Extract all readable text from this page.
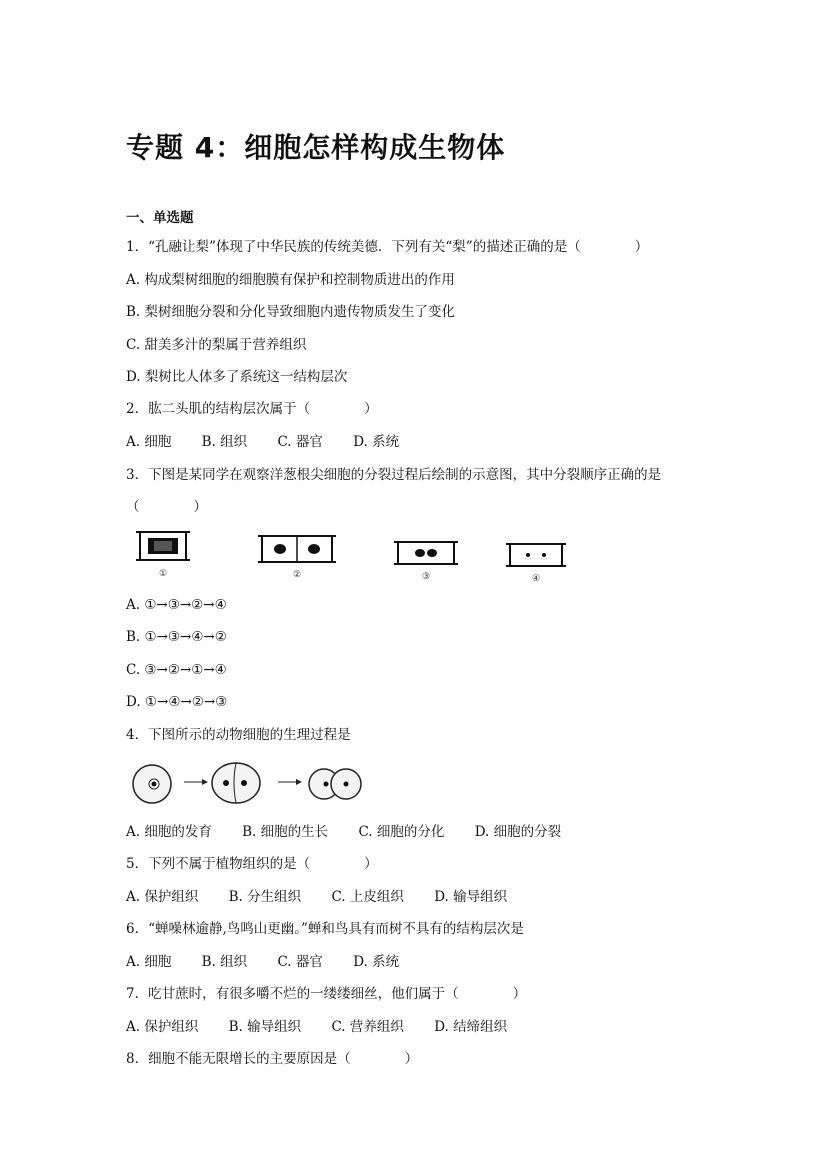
专题 4：细胞怎样构成生物体
一、单选题
1．“孔融让梨”体现了中华民族的传统美德．下列有关“梨”的描述正确的是（　　　　）
A. 构成梨树细胞的细胞膜有保护和控制物质进出的作用
B. 梨树细胞分裂和分化导致细胞内遗传物质发生了变化
C. 甜美多汁的梨属于营养组织
D. 梨树比人体多了系统这一结构层次
2．肱二头肌的结构层次属于（　　　　）
A. 细胞 B. 组织 C. 器官 D. 系统
3．下图是某同学在观察洋葱根尖细胞的分裂过程后绘制的示意图，其中分裂顺序正确的是
（　　　　）
①	②	③	④
A. ①→③→②→④
B. ①→③→④→②
C. ③→②→①→④
D. ①→④→②→③
4．下图所示的动物细胞的生理过程是
A. 细胞的发育 B. 细胞的生长 C. 细胞的分化 D. 细胞的分裂
5．下列不属于植物组织的是（　　　　）
A. 保护组织 B. 分生组织 C. 上皮组织 D. 输导组织
6．“蝉噪林逾静,鸟鸣山更幽。”蝉和鸟具有而树不具有的结构层次是
A. 细胞 B. 组织 C. 器官 D. 系统
7．吃甘蔗时，有很多嚼不烂的一缕缕细丝，他们属于（　　　　）
A. 保护组织 B. 输导组织 C. 营养组织 D. 结缔组织
8．细胞不能无限增长的主要原因是（　　　　）
